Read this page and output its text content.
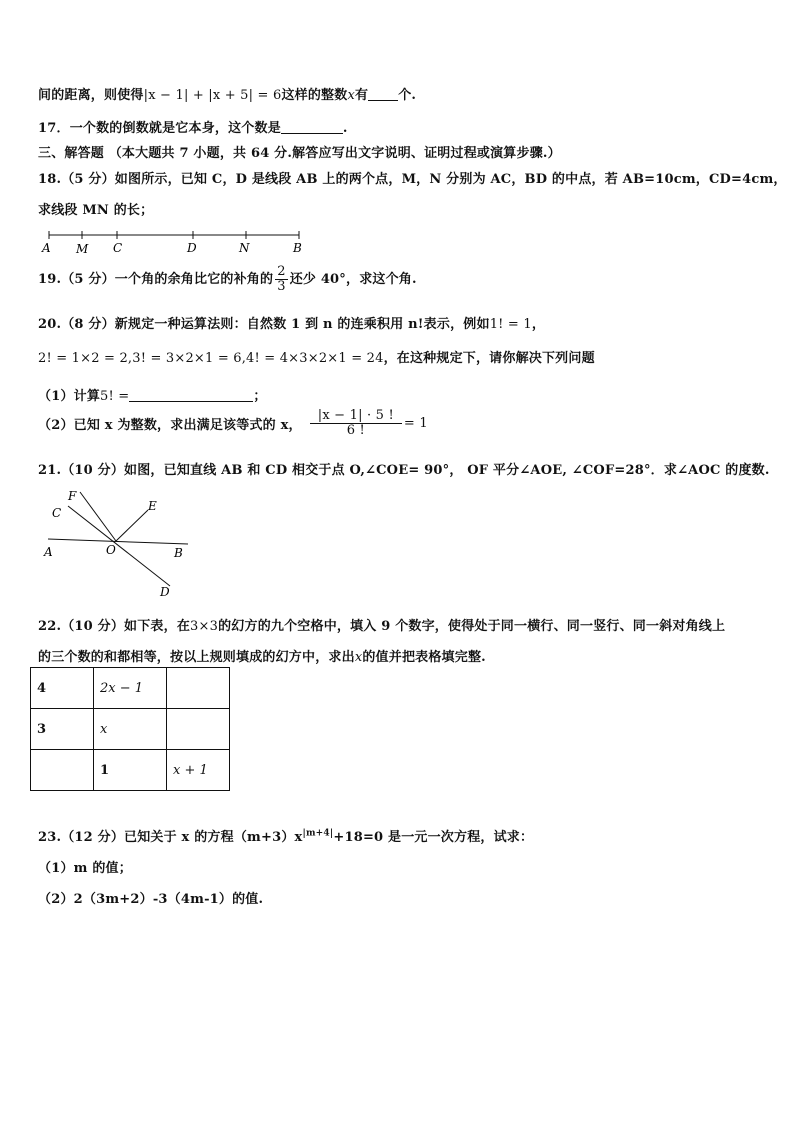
间的距离，则使得|x − 1| + |x + 5| = 6这样的整数x有 个.
17．一个数的倒数就是它本身，这个数是	.
三、解答题 （本大题共 7 小题，共 64 分.解答应写出文字说明、证明过程或演算步骤.）
18.（5 分）如图所示，已知 C，D 是线段 AB 上的两个点，M，N 分别为 AC，BD 的中点，若 AB=10cm，CD=4cm，
求线段 MN 的长；
A M C	D	N	B
19.（5 分）一个角的余角比它的补角的 $\frac{2}{3}$ 还少 40°，求这个角.
20.（8 分）新规定一种运算法则：自然数 1 到 n 的连乘积用 n!表示，例如1! = 1，
2! = 1×2 = 2,3! = 3×2×1 = 6,4! = 4×3×2×1 = 24，在这种规定下，请你解决下列问题
（1）计算5! =	；
（2）已知 x 为整数，求出满足该等式的 x， $\frac{|x - 1| \cdot 5 !}{6 !} = 1$
21.（10 分）如图，已知直线 AB 和 CD 相交于点 O,∠COE= 90°， OF 平分∠AOE, ∠COF=28°．求∠AOC 的度数.
F
C	E
A	O	B
D
22.（10 分）如下表，在3×3的幻方的九个空格中，填入 9 个数字，使得处于同一横行、同一竖行、同一斜对角线上
的三个数的和都相等，按以上规则填成的幻方中，求出x的值并把表格填完整.
4	2x − 1	
3	x	
	1	x + 1
23.（12 分）已知关于 x 的方程$(m+3)x^{|m+4|}+18=0$ 是一元一次方程，试求：
（1）m 的值；
（2）2（3m+2）-3（4m-1）的值.
